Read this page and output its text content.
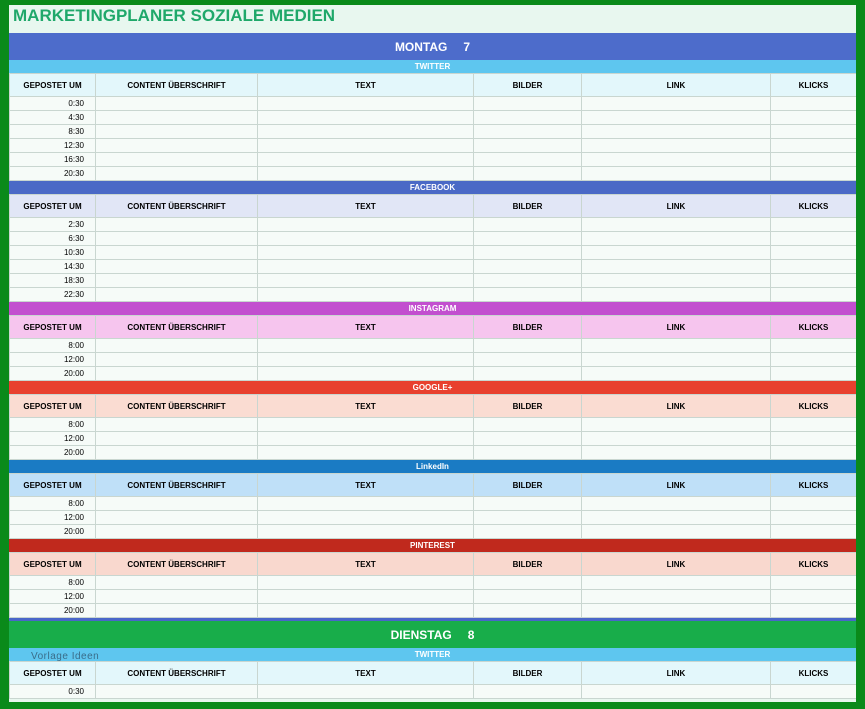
MARKETINGPLANER SOZIALE MEDIEN
MONTAG 7
TWITTER
GEPOSTET UM	CONTENT ÜBERSCHRIFT	TEXT	BILDER	LINK	KLICKS
0:30					
4:30					
8:30					
12:30					
16:30					
20:30					
FACEBOOK
GEPOSTET UM	CONTENT ÜBERSCHRIFT	TEXT	BILDER	LINK	KLICKS
2:30					
6:30					
10:30					
14:30					
18:30					
22:30					
INSTAGRAM
GEPOSTET UM	CONTENT ÜBERSCHRIFT	TEXT	BILDER	LINK	KLICKS
8:00					
12:00					
20:00					
GOOGLE+
GEPOSTET UM	CONTENT ÜBERSCHRIFT	TEXT	BILDER	LINK	KLICKS
8:00					
12:00					
20:00					
LinkedIn
GEPOSTET UM	CONTENT ÜBERSCHRIFT	TEXT	BILDER	LINK	KLICKS
8:00					
12:00					
20:00					
PINTEREST
GEPOSTET UM	CONTENT ÜBERSCHRIFT	TEXT	BILDER	LINK	KLICKS
8:00					
12:00					
20:00					
DIENSTAG 8
TWITTER
GEPOSTET UM	CONTENT ÜBERSCHRIFT	TEXT	BILDER	LINK	KLICKS
0:30					
Vorlage Ideen
